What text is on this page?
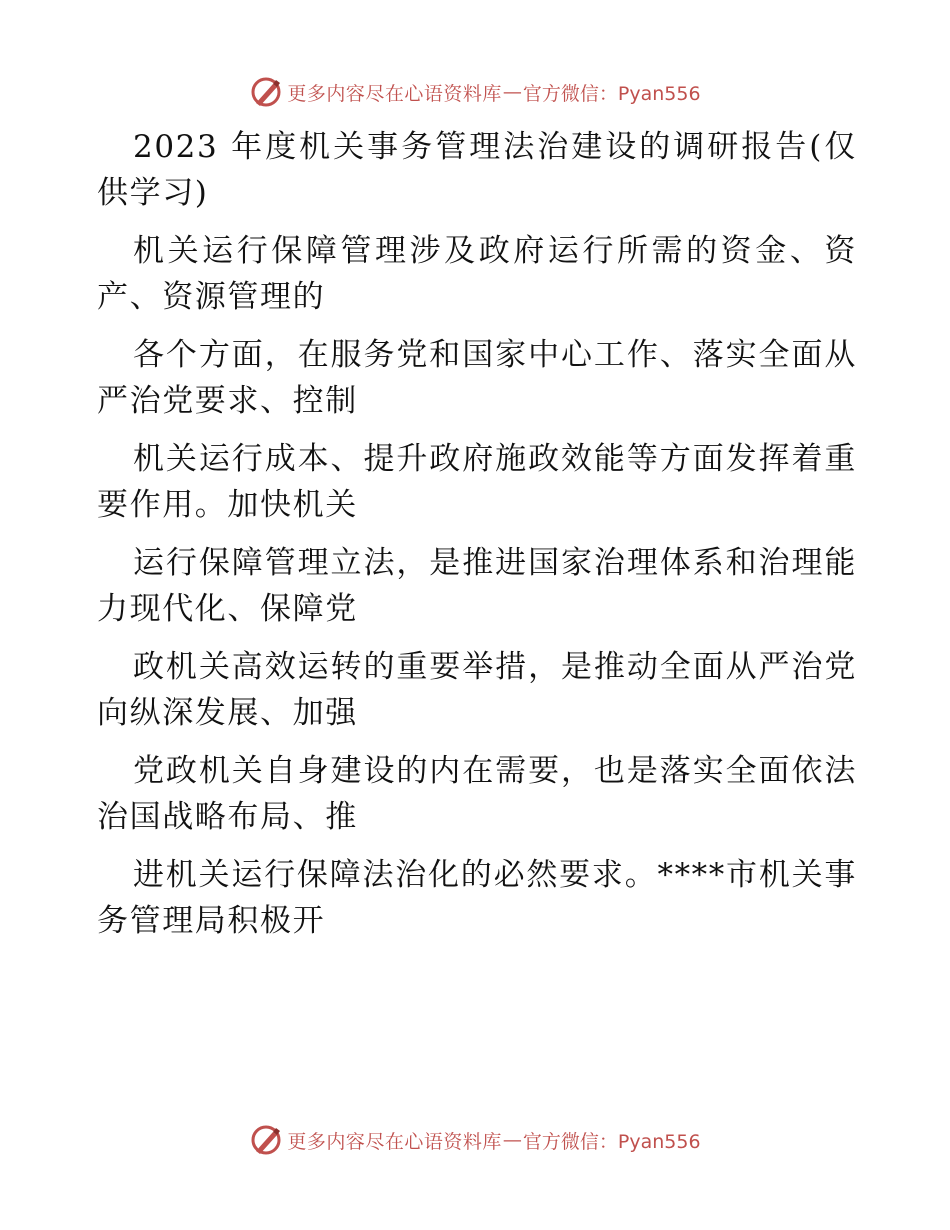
更多内容尽在心语资料库 — 官方微信：Pyan556

2023 年度机关事务管理法治建设的调研报告(仅供学习)

机关运行保障管理涉及政府运行所需的资金、资产、资源管理的

各个方面，在服务党和国家中心工作、落实全面从严治党要求、控制

机关运行成本、提升政府施政效能等方面发挥着重要作用。加快机关

运行保障管理立法，是推进国家治理体系和治理能力现代化、保障党

政机关高效运转的重要举措，是推动全面从严治党向纵深发展、加强

党政机关自身建设的内在需要，也是落实全面依法治国战略布局、推

进机关运行保障法治化的必然要求。****市机关事务管理局积极开

更多内容尽在心语资料库 — 官方微信：Pyan556
